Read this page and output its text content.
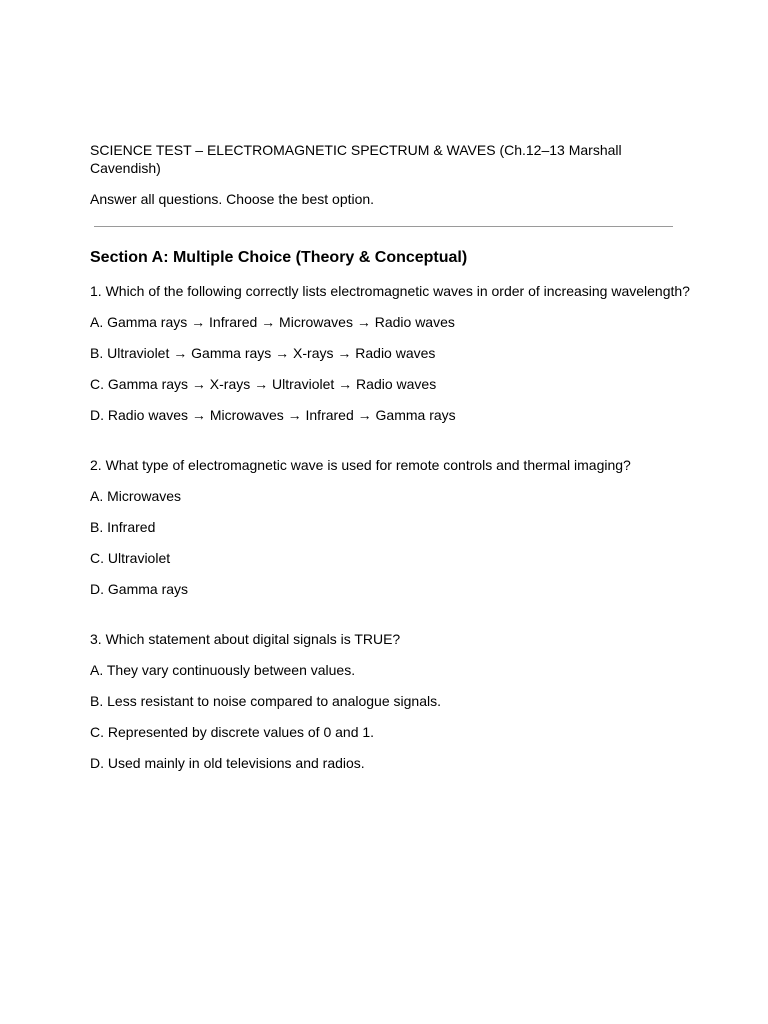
SCIENCE TEST – ELECTROMAGNETIC SPECTRUM & WAVES (Ch.12–13 Marshall Cavendish)

Answer all questions. Choose the best option.

Section A: Multiple Choice (Theory & Conceptual)

1. Which of the following correctly lists electromagnetic waves in order of increasing wavelength?

A. Gamma rays → Infrared → Microwaves → Radio waves

B. Ultraviolet → Gamma rays → X-rays → Radio waves

C. Gamma rays → X-rays → Ultraviolet → Radio waves

D. Radio waves → Microwaves → Infrared → Gamma rays

2. What type of electromagnetic wave is used for remote controls and thermal imaging?

A. Microwaves

B. Infrared

C. Ultraviolet

D. Gamma rays

3. Which statement about digital signals is TRUE?

A. They vary continuously between values.

B. Less resistant to noise compared to analogue signals.

C. Represented by discrete values of 0 and 1.

D. Used mainly in old televisions and radios.
